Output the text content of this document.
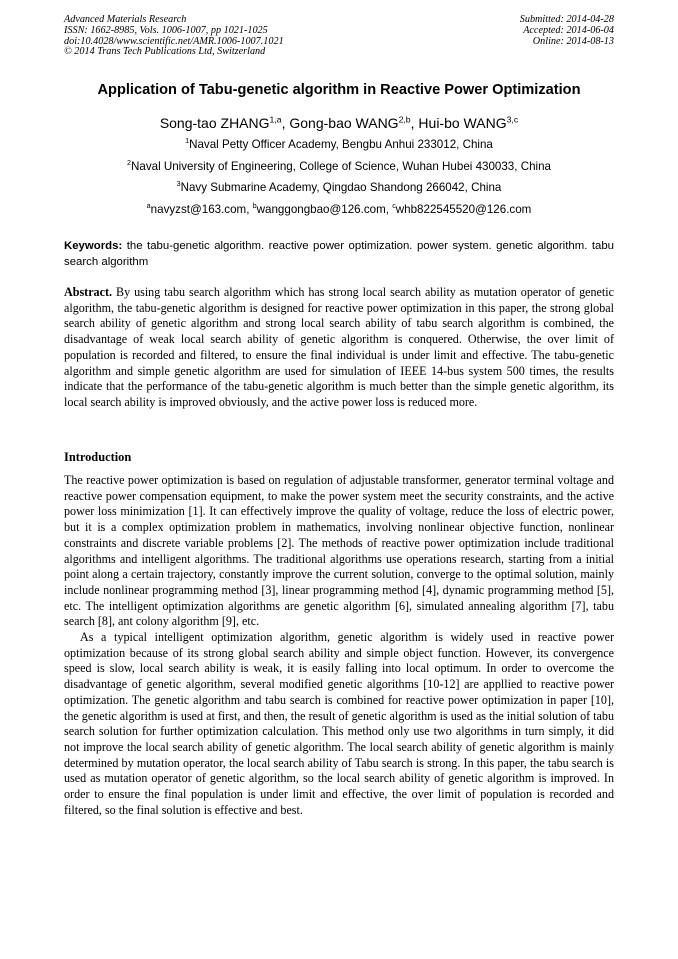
Advanced Materials Research
ISSN: 1662-8985, Vols. 1006-1007, pp 1021-1025
doi:10.4028/www.scientific.net/AMR.1006-1007.1021
© 2014 Trans Tech Publications Ltd, Switzerland
Submitted: 2014-04-28
Accepted: 2014-06-04
Online: 2014-08-13
Application of Tabu-genetic algorithm in Reactive Power Optimization
Song-tao ZHANG$^{1,a}$, Gong-bao WANG$^{2,b}$, Hui-bo WANG$^{3,c}$
$^1$Naval Petty Officer Academy, Bengbu Anhui 233012, China
$^2$Naval University of Engineering, College of Science, Wuhan Hubei 430033, China
$^3$Navy Submarine Academy, Qingdao Shandong 266042, China
$^a$navyzst@163.com, $^b$wanggongbao@126.com, $^c$whb822545520@126.com
Keywords: the tabu-genetic algorithm. reactive power optimization. power system. genetic algorithm. tabu search algorithm
Abstract. By using tabu search algorithm which has strong local search ability as mutation operator of genetic algorithm, the tabu-genetic algorithm is designed for reactive power optimization in this paper, the strong global search ability of genetic algorithm and strong local search ability of tabu search algorithm is combined, the disadvantage of weak local search ability of genetic algorithm is conquered. Otherwise, the over limit of population is recorded and filtered, to ensure the final individual is under limit and effective. The tabu-genetic algorithm and simple genetic algorithm are used for simulation of IEEE 14-bus system 500 times, the results indicate that the performance of the tabu-genetic algorithm is much better than the simple genetic algorithm, its local search ability is improved obviously, and the active power loss is reduced more.
Introduction

The reactive power optimization is based on regulation of adjustable transformer, generator terminal voltage and reactive power compensation equipment, to make the power system meet the security constraints, and the active power loss minimization [1]. It can effectively improve the quality of voltage, reduce the loss of electric power, but it is a complex optimization problem in mathematics, involving nonlinear objective function, nonlinear constraints and discrete variable problems [2]. The methods of reactive power optimization include traditional algorithms and intelligent algorithms. The traditional algorithms use operations research, starting from a initial point along a certain trajectory, constantly improve the current solution, converge to the optimal solution, mainly include nonlinear programming method [3], linear programming method [4], dynamic programming method [5], etc. The intelligent optimization algorithms are genetic algorithm [6], simulated annealing algorithm [7], tabu search [8], ant colony algorithm [9], etc.

As a typical intelligent optimization algorithm, genetic algorithm is widely used in reactive power optimization because of its strong global search ability and simple object function. However, its convergence speed is slow, local search ability is weak, it is easily falling into local optimum. In order to overcome the disadvantage of genetic algorithm, several modified genetic algorithms [10-12] are appllied to reactive power optimization. The genetic algorithm and tabu search is combined for reactive power optimization in paper [10], the genetic algorithm is used at first, and then, the result of genetic algorithm is used as the initial solution of tabu search solution for further optimization calculation. This method only use two algorithms in turn simply, it did not improve the local search ability of genetic algorithm. The local search ability of genetic algorithm is mainly determined by mutation operator, the local search ability of Tabu search is strong. In this paper, the tabu search is used as mutation operator of genetic algorithm, so the local search ability of genetic algorithm is improved. In order to ensure the final population is under limit and effective, the over limit of population is recorded and filtered, so the final solution is effective and best.
